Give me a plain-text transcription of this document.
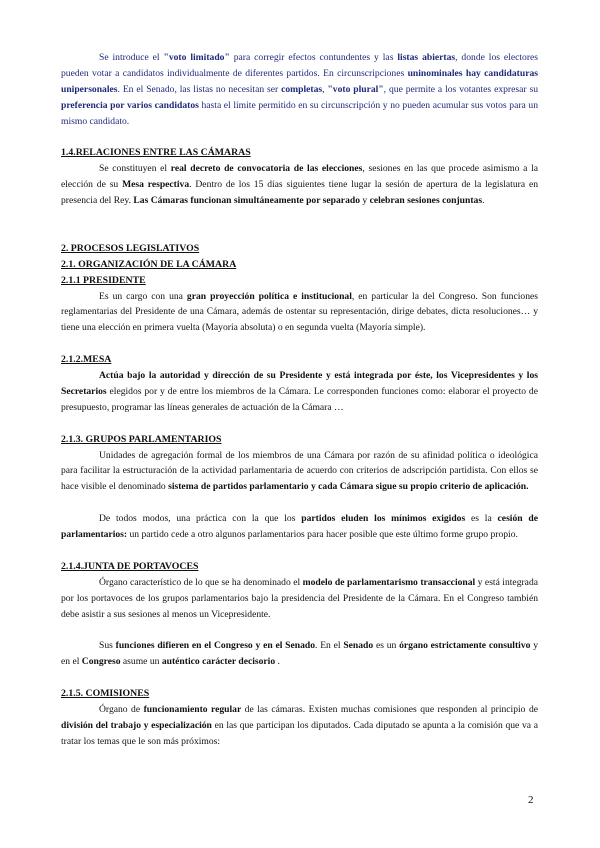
Se introduce el "voto limitado" para corregir efectos contundentes y las listas abiertas, donde los electores pueden votar a candidatos individualmente de diferentes partidos. En circunscripciones uninominales hay candidaturas unipersonales. En el Senado, las listas no necesitan ser completas, "voto plural", que permite a los votantes expresar su preferencia por varios candidatos hasta el límite permitido en su circunscripción y no pueden acumular sus votos para un mismo candidato.

1.4.RELACIONES ENTRE LAS CÁMARAS

Se constituyen el real decreto de convocatoria de las elecciones, sesiones en las que procede asimismo a la elección de su Mesa respectiva. Dentro de los 15 días siguientes tiene lugar la sesión de apertura de la legislatura en presencia del Rey. Las Cámaras funcionan simultáneamente por separado y celebran sesiones conjuntas.

2. PROCESOS LEGISLATIVOS
2.1. ORGANIZACIÓN DE LA CÁMARA
2.1.1 PRESIDENTE

Es un cargo con una gran proyección política e institucional, en particular la del Congreso. Son funciones reglamentarias del Presidente de una Cámara, además de ostentar su representación, dirige debates, dicta resoluciones… y tiene una elección en primera vuelta (Mayoría absoluta) o en segunda vuelta (Mayoría simple).

2.1.2.MESA

Actúa bajo la autoridad y dirección de su Presidente y está integrada por éste, los Vicepresidentes y los Secretarios elegidos por y de entre los miembros de la Cámara. Le corresponden funciones como: elaborar el proyecto de presupuesto, programar las líneas generales de actuación de la Cámara …

2.1.3. GRUPOS PARLAMENTARIOS

Unidades de agregación formal de los miembros de una Cámara por razón de su afinidad política o ideológica para facilitar la estructuración de la actividad parlamentaria de acuerdo con criterios de adscripción partidista. Con ellos se hace visible el denominado sistema de partidos parlamentario y cada Cámara sigue su propio criterio de aplicación.

De todos modos, una práctica con la que los partidos eluden los mínimos exigidos es la cesión de parlamentarios: un partido cede a otro algunos parlamentarios para hacer posible que este último forme grupo propio.

2.1.4.JUNTA DE PORTAVOCES

Órgano característico de lo que se ha denominado el modelo de parlamentarismo transaccional y está integrada por los portavoces de los grupos parlamentarios bajo la presidencia del Presidente de la Cámara. En el Congreso también debe asistir a sus sesiones al menos un Vicepresidente.

Sus funciones difieren en el Congreso y en el Senado. En el Senado es un órgano estrictamente consultivo y en el Congreso asume un auténtico carácter decisorio .

2.1.5. COMISIONES

Órgano de funcionamiento regular de las cámaras. Existen muchas comisiones que responden al principio de división del trabajo y especialización en las que participan los diputados. Cada diputado se apunta a la comisión que va a tratar los temas que le son más próximos:

2
